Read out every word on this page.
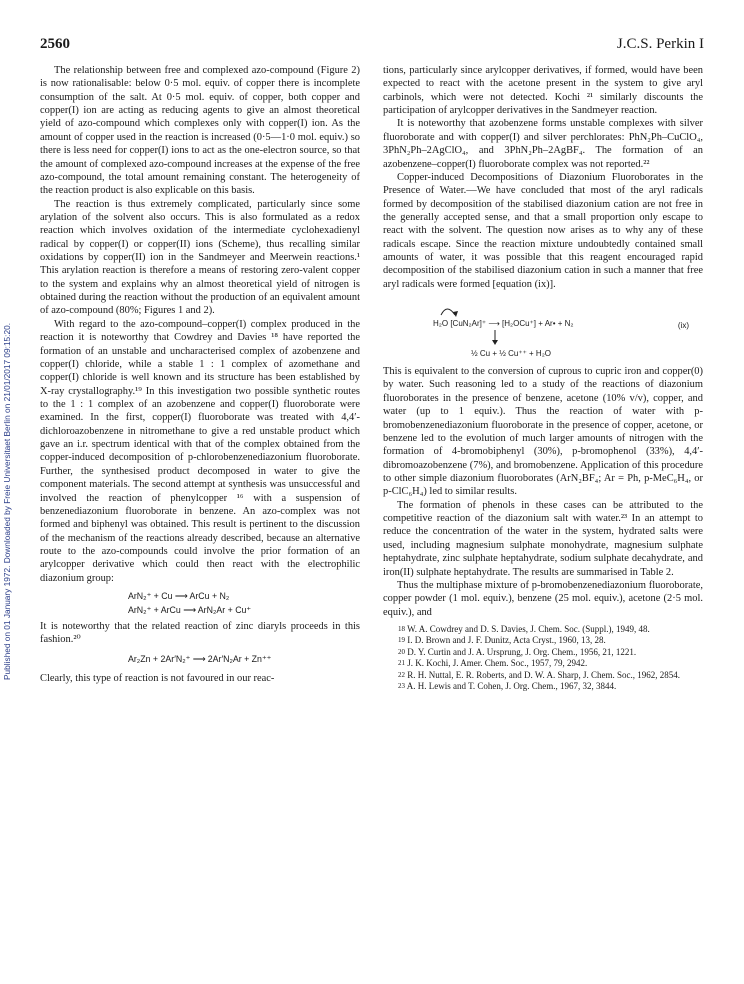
2560	J.C.S. Perkin I
Published on 01 January 1972. Downloaded by Freie Universitaet Berlin on 21/01/2017 09:15:20.

The relationship between free and complexed azo-compound (Figure 2) is now rationalisable: below 0·5 mol. equiv. of copper there is incomplete consumption of the salt. At 0·5 mol. equiv. of copper, both copper and copper(I) ion are acting as reducing agents to give an almost theoretical yield of azo-compound which complexes only with copper(I) ion. As the amount of copper used in the reaction is increased (0·5—1·0 mol. equiv.) so there is less need for copper(I) ions to act as the one-electron source, so that the amount of complexed azo-compound increases at the expense of the free azo-compound, the total amount remaining constant. The heterogeneity of the reaction product is also explicable on this basis.

The reaction is thus extremely complicated, particularly since some arylation of the solvent also occurs. This is also formulated as a redox reaction which involves oxidation of the intermediate cyclohexadienyl radical by copper(I) or copper(II) ions (Scheme), thus recalling similar oxidations by copper(II) ion in the Sandmeyer and Meerwein reactions.¹ This arylation reaction is therefore a means of restoring zero-valent copper to the system and explains why an almost theoretical yield of nitrogen is obtained during the reaction without the production of an equivalent amount of azo-compound (80%; Figures 1 and 2).

With regard to the azo-compound–copper(I) complex produced in the reaction it is noteworthy that Cowdrey and Davies ¹⁸ have reported the formation of an unstable and uncharacterised complex of azobenzene and copper(I) chloride, while a stable 1 : 1 complex of azomethane and copper(I) chloride is well known and its structure has been established by X-ray crystallography.¹⁹ In this investigation two possible synthetic routes to the 1 : 1 complex of an azobenzene and copper(I) fluoroborate were examined. In the first, copper(I) fluoroborate was treated with 4,4′-dichloroazobenzene in nitromethane to give a red unstable product which gave an i.r. spectrum identical with that of the complex obtained from the copper-induced decomposition of p-chlorobenzenediazonium fluoroborate. Further, the synthesised product decomposed in water to give the component materials. The second attempt at synthesis was unsuccessful and involved the reaction of phenylcopper ¹⁶ with a suspension of benzenediazonium fluoroborate in benzene. An azo-complex was not formed and biphenyl was obtained. This result is pertinent to the discussion of the mechanism of the reactions already described, because an alternative route to the azo-compounds could involve the prior formation of an arylcopper derivative which could then react with the electrophilic diazonium group:

ArN₂⁺ + Cu ⟶ ArCu + N₂
ArN₂⁺ + ArCu ⟶ ArN₂Ar + Cu⁺

It is noteworthy that the related reaction of zinc diaryls proceeds in this fashion.²⁰

Ar₂Zn + 2Ar′N₂⁺ ⟶ 2Ar′N₂Ar + Zn⁺⁺

Clearly, this type of reaction is not favoured in our reac-

tions, particularly since arylcopper derivatives, if formed, would have been expected to react with the acetone present in the system to give aryl carbinols, which were not detected. Kochi ²¹ similarly discounts the participation of arylcopper derivatives in the Sandmeyer reaction.

It is noteworthy that azobenzene forms unstable complexes with silver fluoroborate and with copper(I) and silver perchlorates: PhN₂Ph–CuClO₄, 3PhN₂Ph–2AgClO₄, and 3PhN₂Ph–2AgBF₄. The formation of an azobenzene–copper(I) fluoroborate complex was not reported.²²

Copper-induced Decompositions of Diazonium Fluoroborates in the Presence of Water.—We have concluded that most of the aryl radicals formed by decomposition of the stabilised diazonium cation are not free in the generally accepted sense, and that a small proportion only escape to react with the solvent. The question now arises as to why any of these radicals escape. Since the reaction mixture undoubtedly contained small amounts of water, it was possible that this reagent encouraged rapid decomposition of the stabilised diazonium cation in such a manner that free aryl radicals were formed [equation (ix)].

H₂O [CuN₂Ar]⁺ ⟶ [H₂OCu⁺] + Ar• + N₂
½ Cu + ½ Cu⁺⁺ + H₂O
(ix)

This is equivalent to the conversion of cuprous to cupric iron and copper(0) by water. Such reasoning led to a study of the reactions of diazonium fluoroborates in the presence of benzene, acetone (10% v/v), copper, and water (up to 1 equiv.). Thus the reaction of water with p-bromobenzenediazonium fluoroborate in the presence of copper, acetone, or benzene led to the evolution of much larger amounts of nitrogen with the formation of 4-bromobiphenyl (30%), p-bromophenol (33%), 4,4′-dibromoazobenzene (7%), and bromobenzene. Application of this procedure to other simple diazonium fluoroborates (ArN₂BF₄; Ar = Ph, p-MeC₆H₄, or p-ClC₆H₄) led to similar results.

The formation of phenols in these cases can be attributed to the competitive reaction of the diazonium salt with water.²³ In an attempt to reduce the concentration of the water in the system, hydrated salts were used, including magnesium sulphate monohydrate, magnesium sulphate heptahydrate, zinc sulphate heptahydrate, sodium sulphate decahydrate, and iron(II) sulphate heptahydrate. The results are summarised in Table 2.

Thus the multiphase mixture of p-bromobenzenediazonium fluoroborate, copper powder (1 mol. equiv.), benzene (25 mol. equiv.), acetone (2·5 mol. equiv.), and

18 W. A. Cowdrey and D. S. Davies, J. Chem. Soc. (Suppl.), 1949, 48.

19 I. D. Brown and J. F. Dunitz, Acta Cryst., 1960, 13, 28.

20 D. Y. Curtin and J. A. Ursprung, J. Org. Chem., 1956, 21, 1221.

21 J. K. Kochi, J. Amer. Chem. Soc., 1957, 79, 2942.

22 R. H. Nuttal, E. R. Roberts, and D. W. A. Sharp, J. Chem. Soc., 1962, 2854.

23 A. H. Lewis and T. Cohen, J. Org. Chem., 1967, 32, 3844.
